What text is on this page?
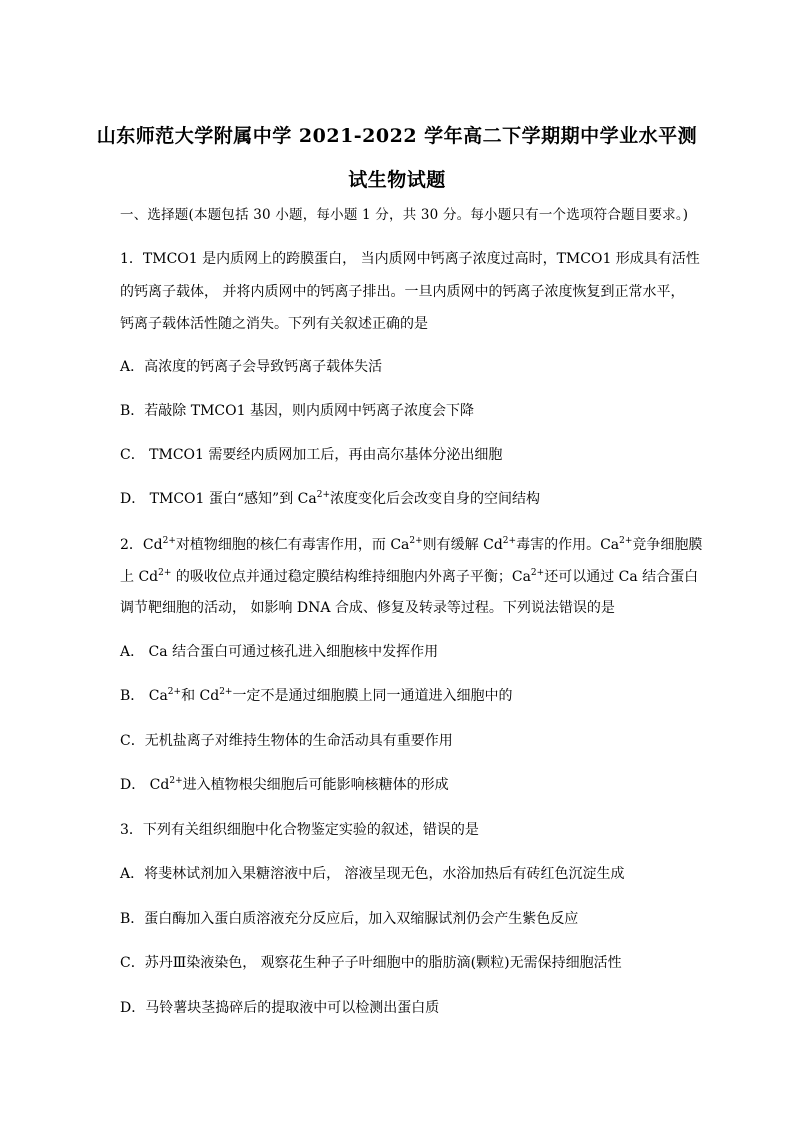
山东师范大学附属中学 2021-2022 学年高二下学期期中学业水平测
试生物试题
一、选择题(本题包括 30 小题，每小题 1 分，共 30 分。每小题只有一个选项符合题目要求。)
1．TMCO1 是内质网上的跨膜蛋白， 当内质网中钙离子浓度过高时，TMCO1 形成具有活性
的钙离子载体， 并将内质网中的钙离子排出。一旦内质网中的钙离子浓度恢复到正常水平，
钙离子载体活性随之消失。下列有关叙述正确的是
A．高浓度的钙离子会导致钙离子载体失活
B．若敲除 TMCO1 基因，则内质网中钙离子浓度会下降
C． TMCO1 需要经内质网加工后，再由高尔基体分泌出细胞
D． TMCO1 蛋白“感知”到 $Ca^{2+}$浓度变化后会改变自身的空间结构
2．$Cd^{2+}$对植物细胞的核仁有毒害作用，而 $Ca^{2+}$则有缓解 $Cd^{2+}$毒害的作用。$Ca^{2+}$竞争细胞膜
上 $Cd^{2+}$ 的吸收位点并通过稳定膜结构维持细胞内外离子平衡；$Ca^{2+}$还可以通过 Ca 结合蛋白
调节靶细胞的活动， 如影响 DNA 合成、修复及转录等过程。下列说法错误的是
A． Ca 结合蛋白可通过核孔进入细胞核中发挥作用
B． $Ca^{2+}$和 $Cd^{2+}$一定不是通过细胞膜上同一通道进入细胞中的
C．无机盐离子对维持生物体的生命活动具有重要作用
D． $Cd^{2+}$进入植物根尖细胞后可能影响核糖体的形成
3．下列有关组织细胞中化合物鉴定实验的叙述，错误的是
A．将斐林试剂加入果糖溶液中后， 溶液呈现无色，水浴加热后有砖红色沉淀生成
B．蛋白酶加入蛋白质溶液充分反应后，加入双缩脲试剂仍会产生紫色反应
C．苏丹Ⅲ染液染色， 观察花生种子子叶细胞中的脂肪滴(颗粒)无需保持细胞活性
D．马铃薯块茎捣碎后的提取液中可以检测出蛋白质
